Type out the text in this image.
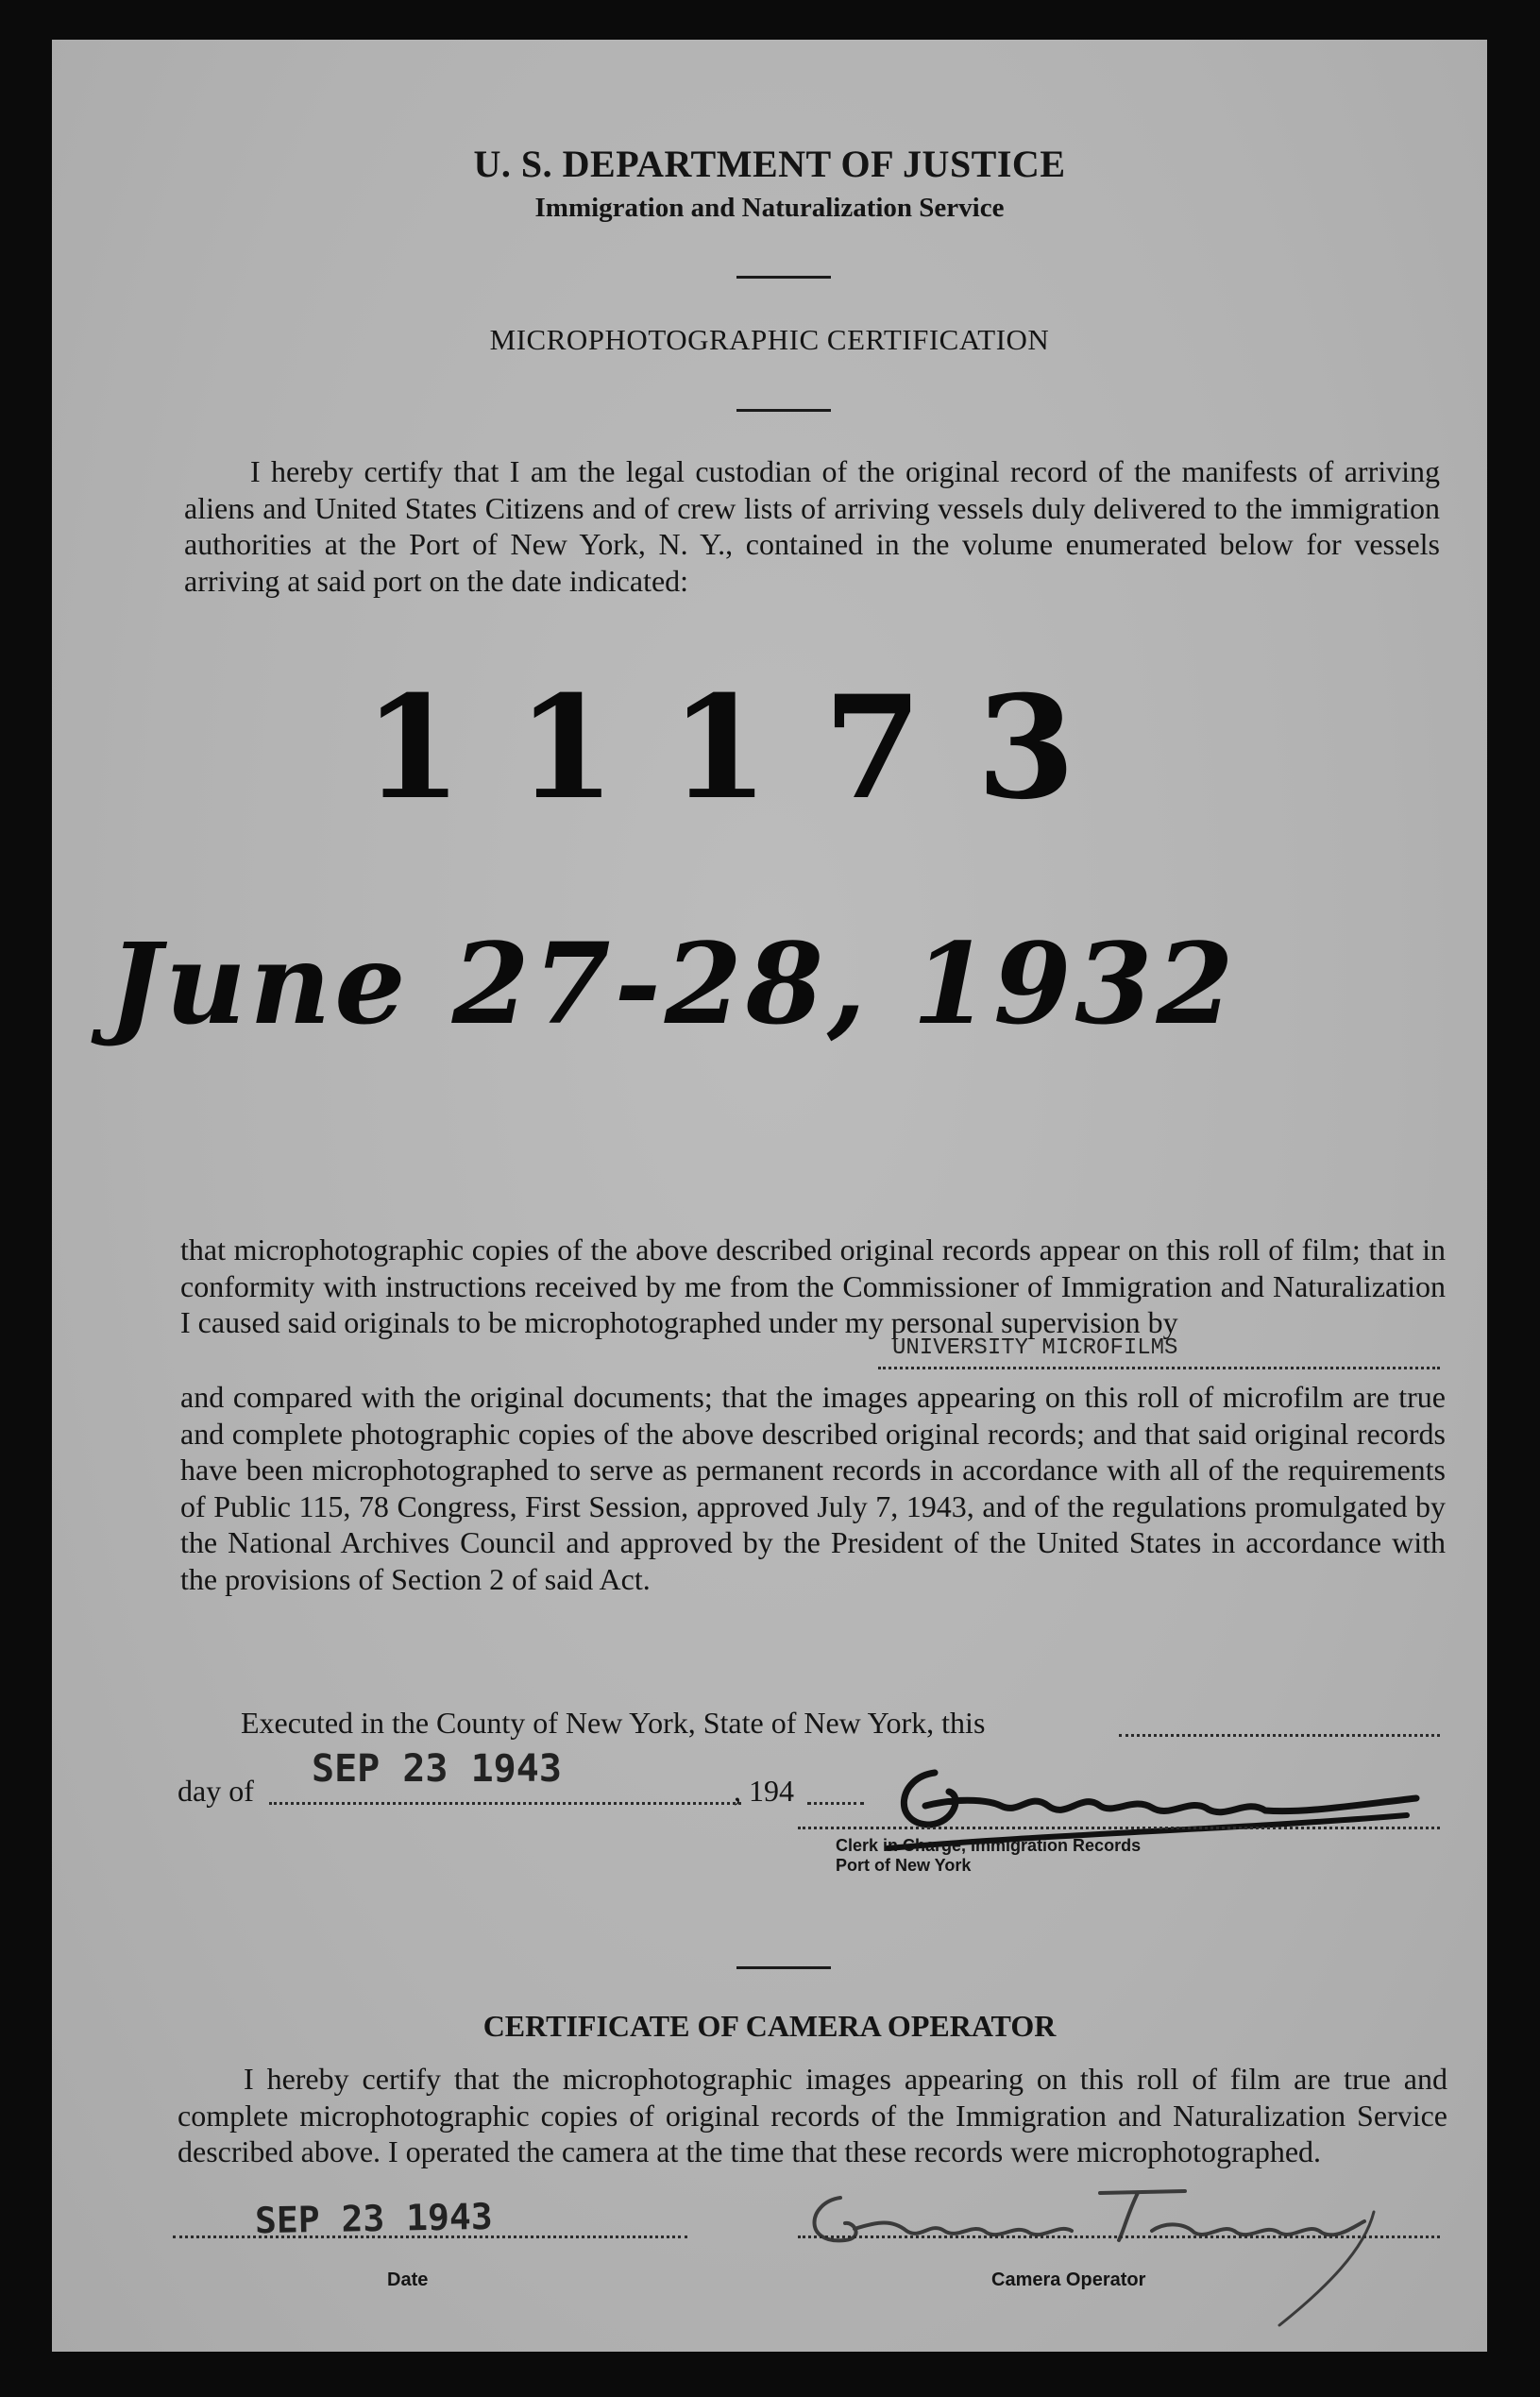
U. S. DEPARTMENT OF JUSTICE
Immigration and Naturalization Service
MICROPHOTOGRAPHIC CERTIFICATION
I hereby certify that I am the legal custodian of the original record of the manifests of arriving aliens and United States Citizens and of crew lists of arriving vessels duly delivered to the immigration authorities at the Port of New York, N. Y., contained in the volume enumerated below for vessels arriving at said port on the date indicated:
11173
June 27-28, 1932
that microphotographic copies of the above described original records appear on this roll of film; that in conformity with instructions received by me from the Commissioner of Immigration and Naturalization I caused said originals to be microphotographed under my personal supervision by
UNIVERSITY MICROFILMS
and compared with the original documents; that the images appearing on this roll of microfilm are true and complete photographic copies of the above described original records; and that said original records have been microphotographed to serve as permanent records in accordance with all of the requirements of Public 115, 78 Congress, First Session, approved July 7, 1943, and of the regulations promulgated by the National Archives Council and approved by the President of the United States in accordance with the provisions of Section 2 of said Act.
Executed in the County of New York, State of New York, this
day of SEP 23 1943	, 194
Clerk in Charge, Immigration Records
Port of New York
CERTIFICATE OF CAMERA OPERATOR
I hereby certify that the microphotographic images appearing on this roll of film are true and complete microphotographic copies of original records of the Immigration and Naturalization Service described above. I operated the camera at the time that these records were microphotographed.
SEP 23 1943
Date	Camera Operator
